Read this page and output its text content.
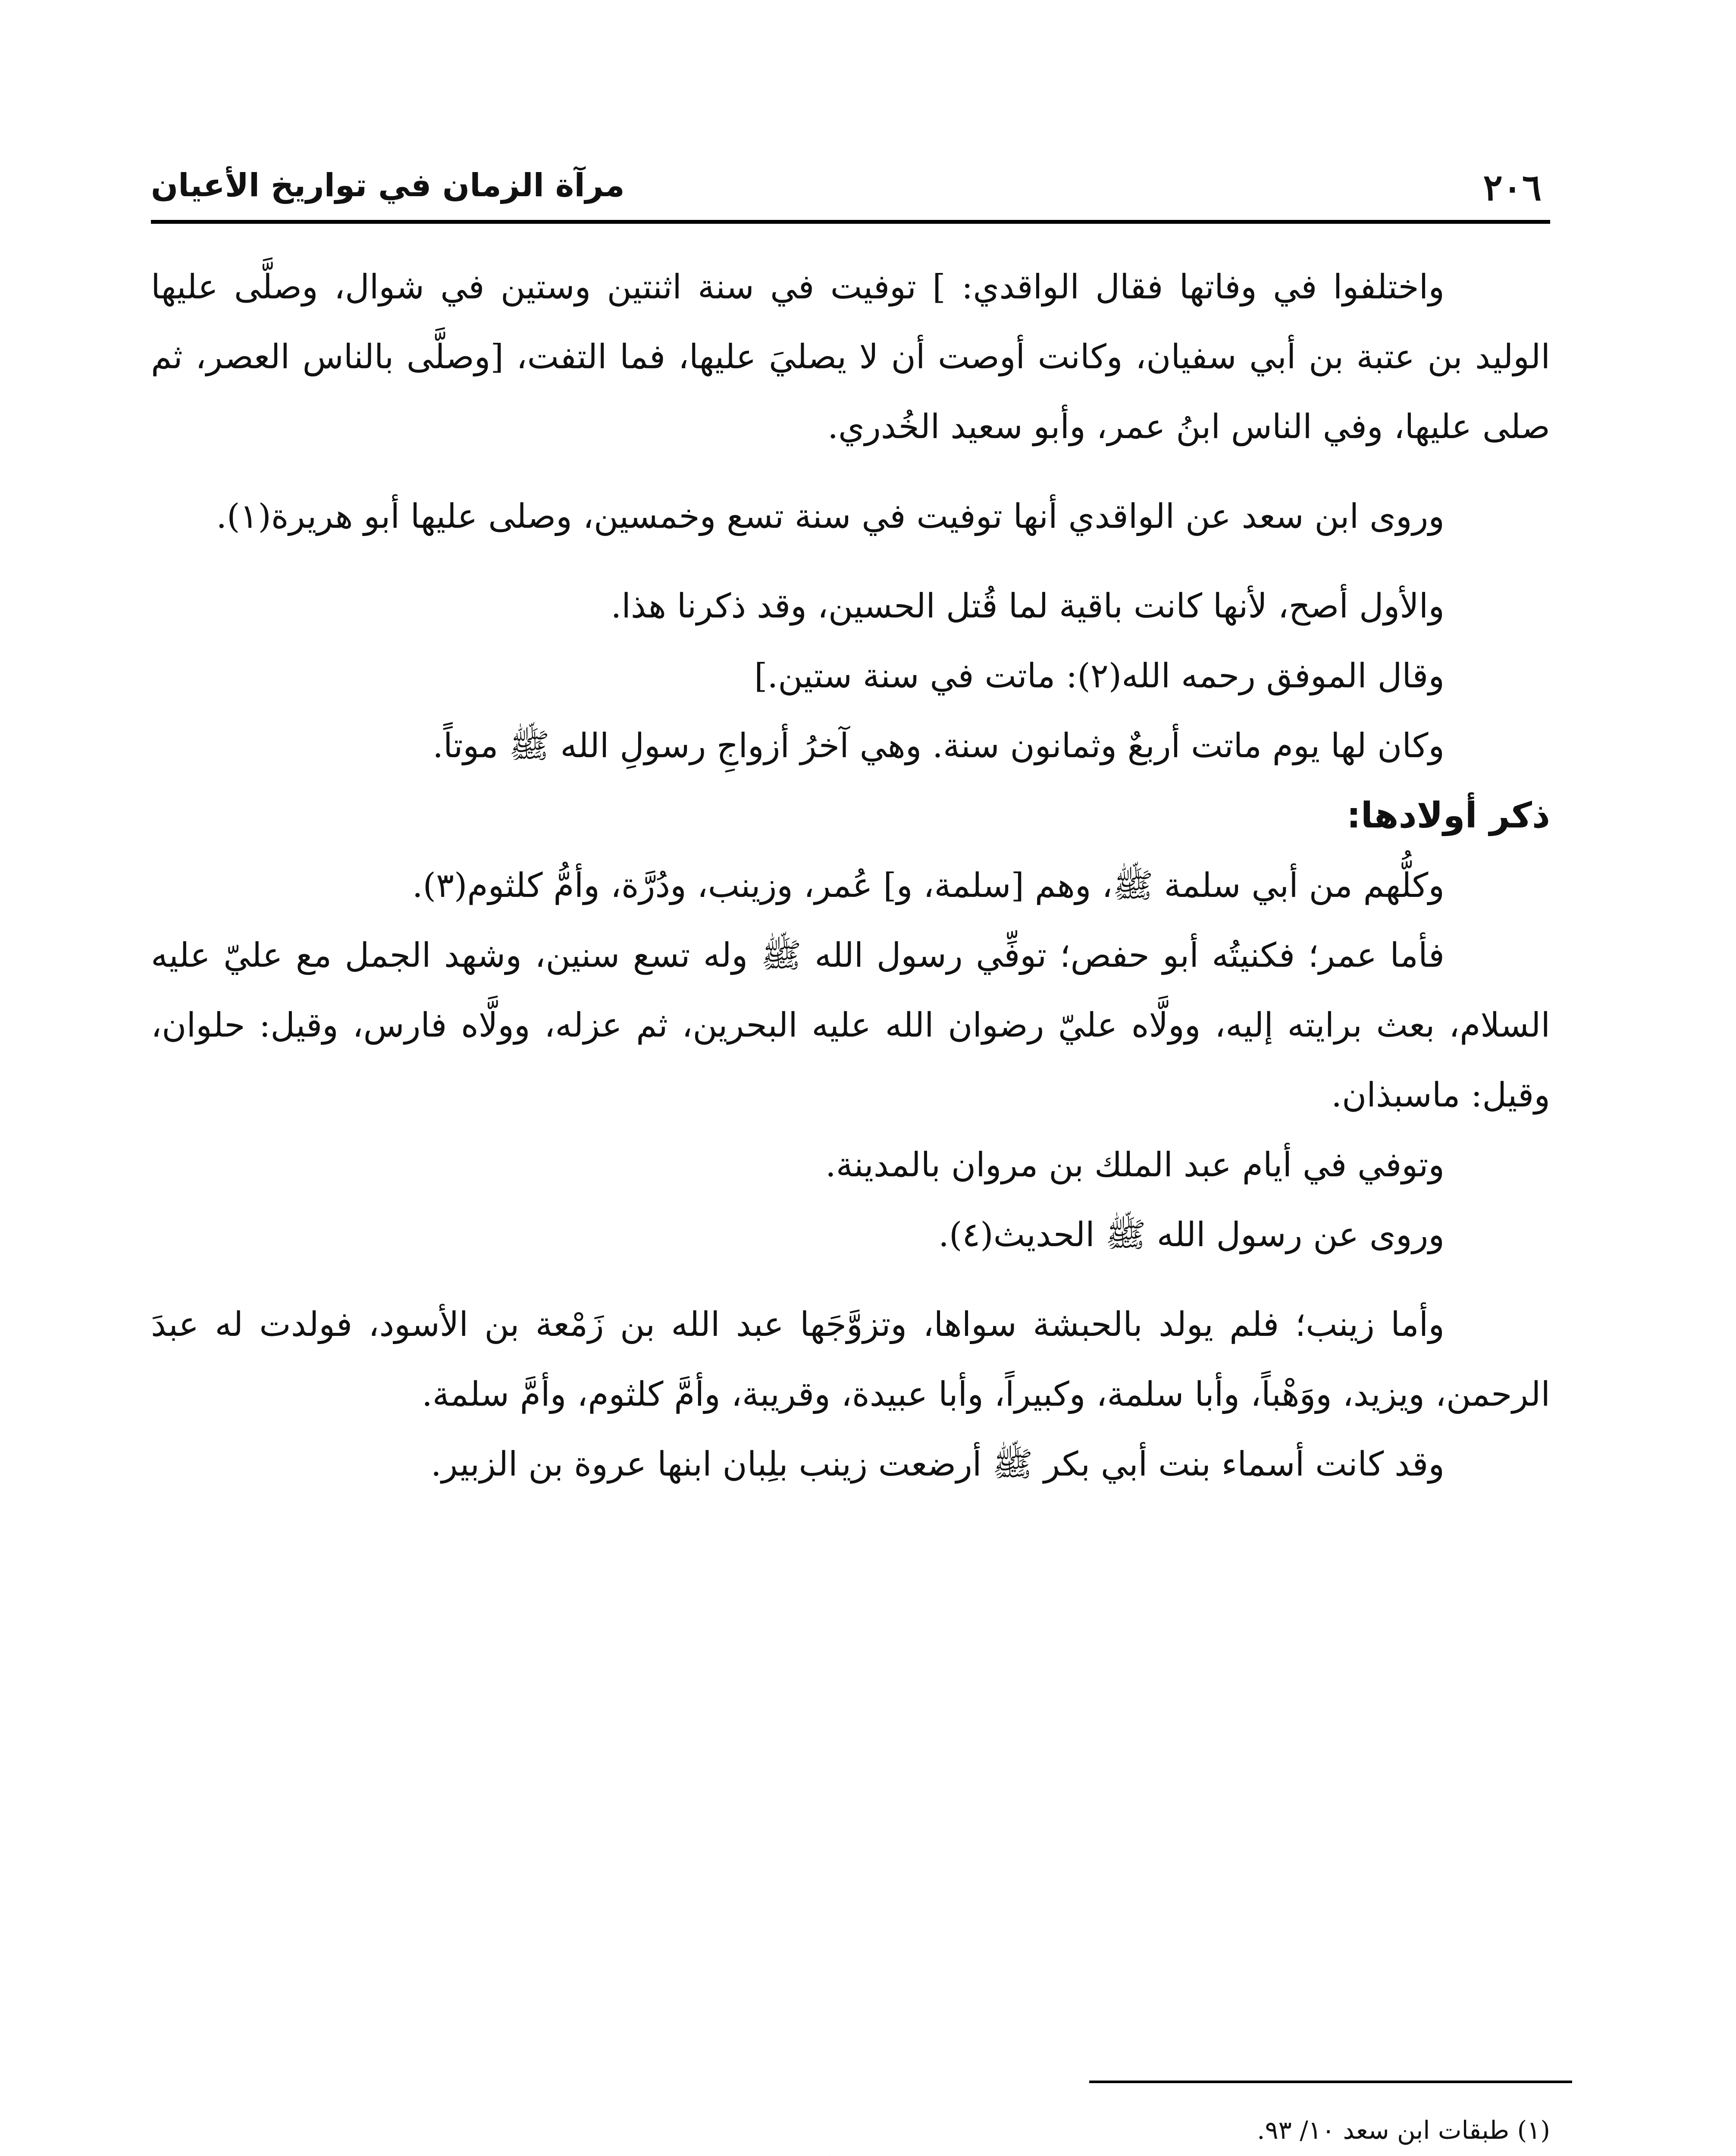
٢٠٦
مرآة الزمان في تواريخ الأعيان

واختلفوا في وفاتها فقال الواقدي: ] توفيت في سنة اثنتين وستين في شوال، وصلَّى عليها الوليد بن عتبة بن أبي سفيان، وكانت أوصت أن لا يصليَ عليها، فما التفت، [وصلَّى بالناس العصر، ثم صلى عليها، وفي الناس ابنُ عمر، وأبو سعيد الخُدري.

وروى ابن سعد عن الواقدي أنها توفيت في سنة تسع وخمسين، وصلى عليها أبو هريرة(١).

والأول أصح، لأنها كانت باقية لما قُتل الحسين، وقد ذكرنا هذا.

وقال الموفق رحمه الله(٢): ماتت في سنة ستين.]

وكان لها يوم ماتت أربعٌ وثمانون سنة. وهي آخرُ أزواجِ رسولِ الله ﷺ موتاً.

ذكر أولادها:

وكلُّهم من أبي سلمة ﷺ، وهم [سلمة، و] عُمر، وزينب، ودُرَّة، وأمُّ كلثوم(٣).

فأما عمر؛ فكنيتُه أبو حفص؛ توفِّي رسول الله ﷺ وله تسع سنين، وشهد الجمل مع عليّ عليه السلام، بعث برايته إليه، وولَّاه عليّ رضوان الله عليه البحرين، ثم عزله، وولَّاه فارس، وقيل: حلوان، وقيل: ماسبذان.

وتوفي في أيام عبد الملك بن مروان بالمدينة.

وروى عن رسول الله ﷺ الحديث(٤).

وأما زينب؛ فلم يولد بالحبشة سواها، وتزوَّجَها عبد الله بن زَمْعة بن الأسود، فولدت له عبدَ الرحمن، ويزيد، ووَهْباً، وأبا سلمة، وكبيراً، وأبا عبيدة، وقريبة، وأمَّ كلثوم، وأمَّ سلمة.

وقد كانت أسماء بنت أبي بكر ﷺ أرضعت زينب بلِبان ابنها عروة بن الزبير.

(١) طبقات ابن سعد ١٠/ ٩٣.
